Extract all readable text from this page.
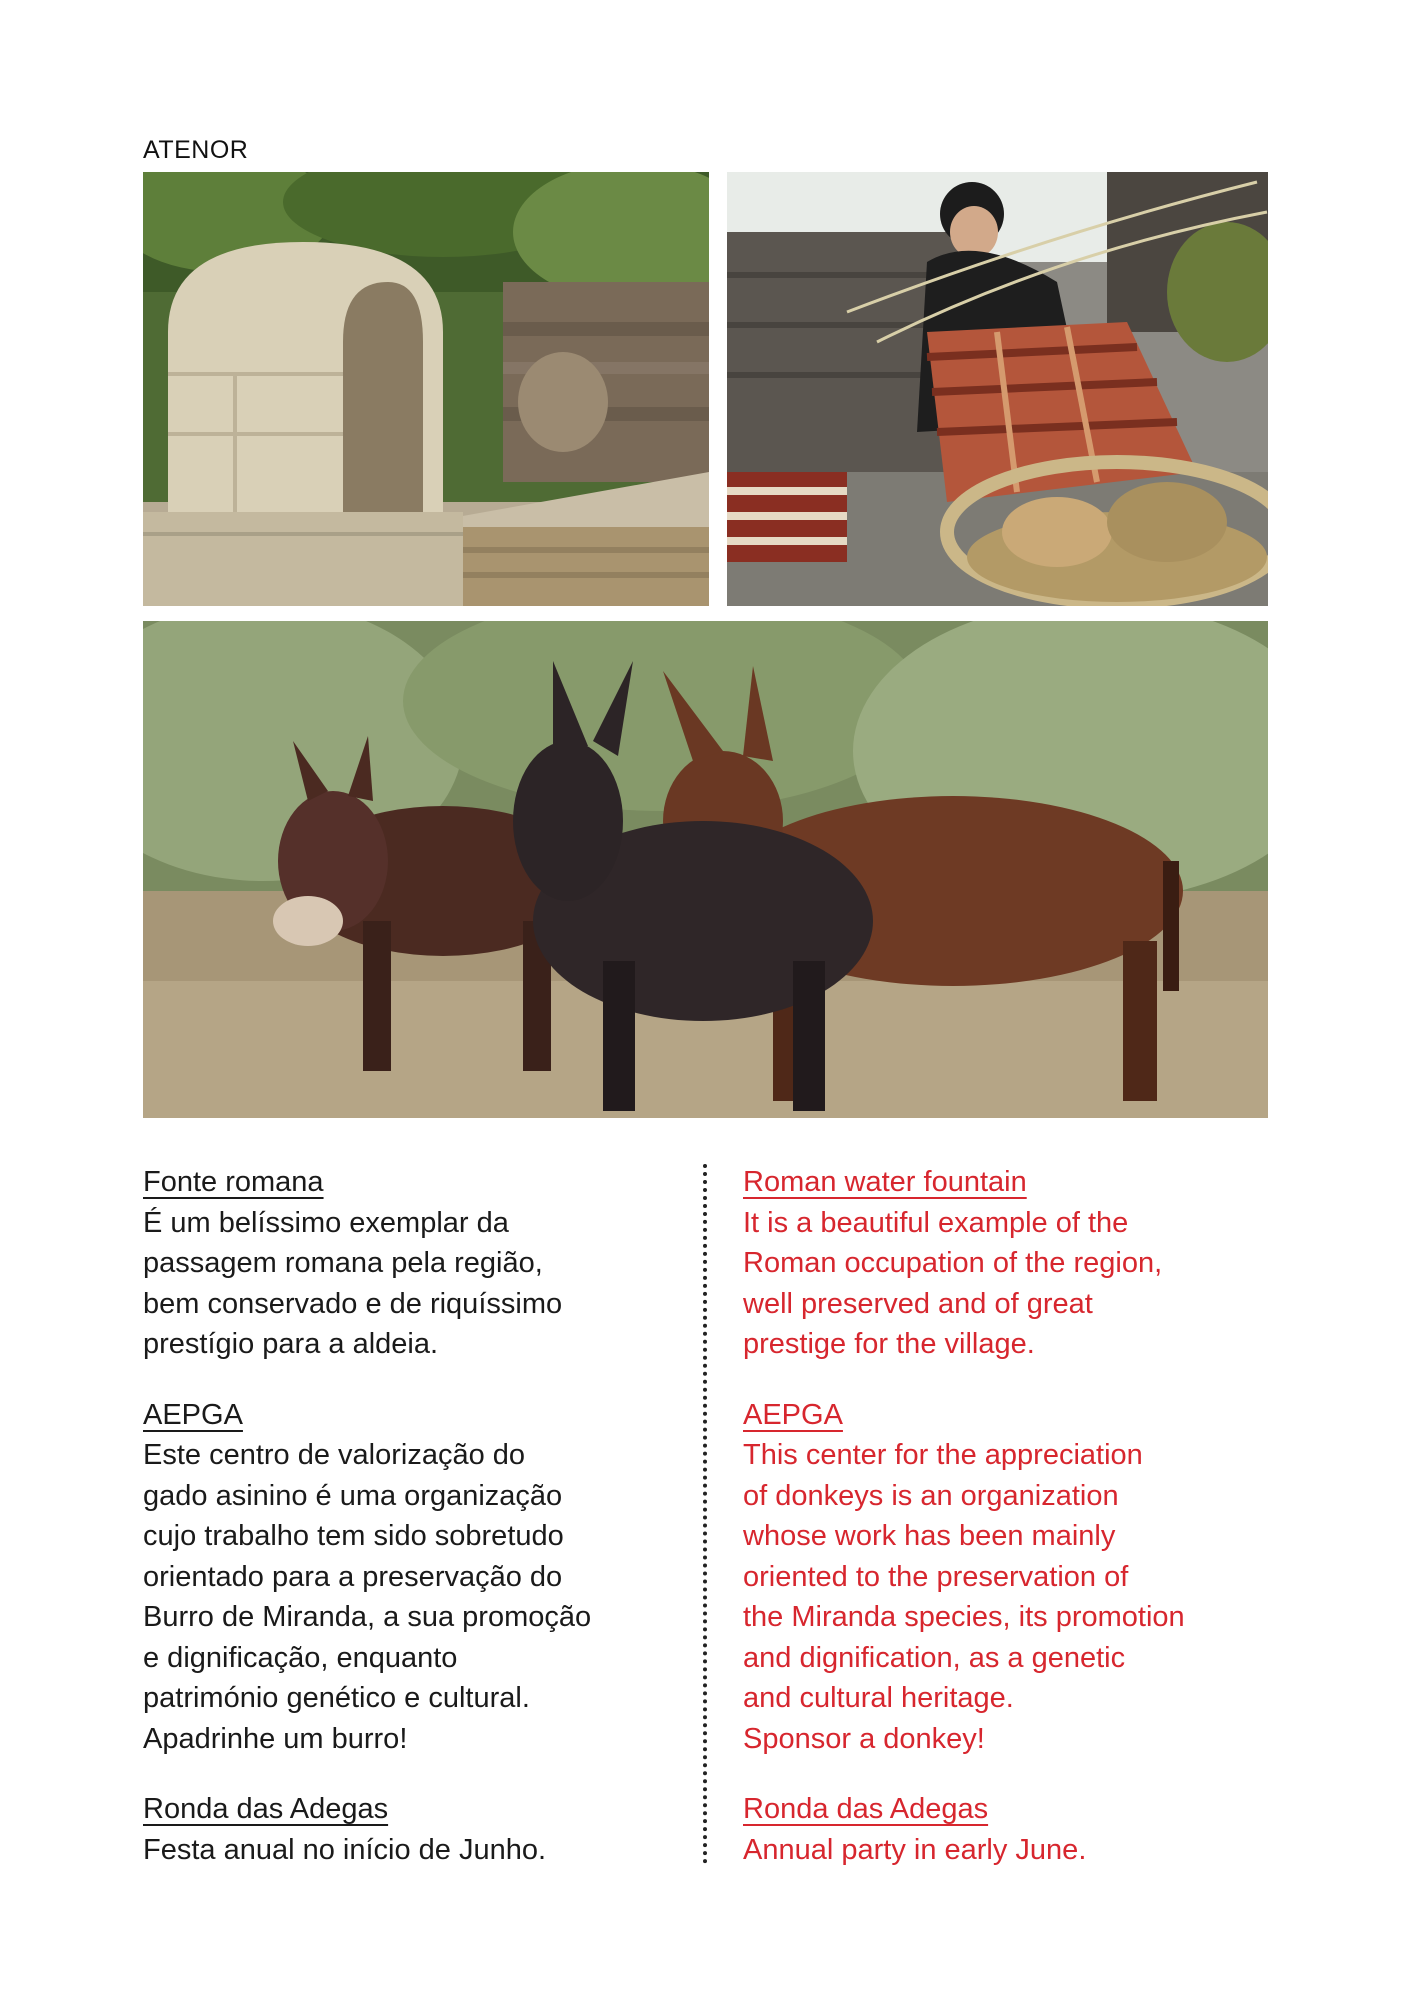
ATENOR
Fonte romana
É um belíssimo exemplar da
passagem romana pela região,
bem conservado e de riquíssimo
prestígio para a aldeia.
AEPGA
Este centro de valorização do
gado asinino é uma organização
cujo trabalho tem sido sobretudo
orientado para a preservação do
Burro de Miranda, a sua promoção
e dignificação, enquanto
património genético e cultural.
Apadrinhe um burro!
Ronda das Adegas
Festa anual no início de Junho.
Roman water fountain
It is a beautiful example of the
Roman occupation of the region,
well preserved and of great
prestige for the village.
AEPGA
This center for the appreciation
of donkeys is an organization
whose work has been mainly
oriented to the preservation of
the Miranda species, its promotion
and dignification, as a genetic
and cultural heritage.
Sponsor a donkey!
Ronda das Adegas
Annual party in early June.
